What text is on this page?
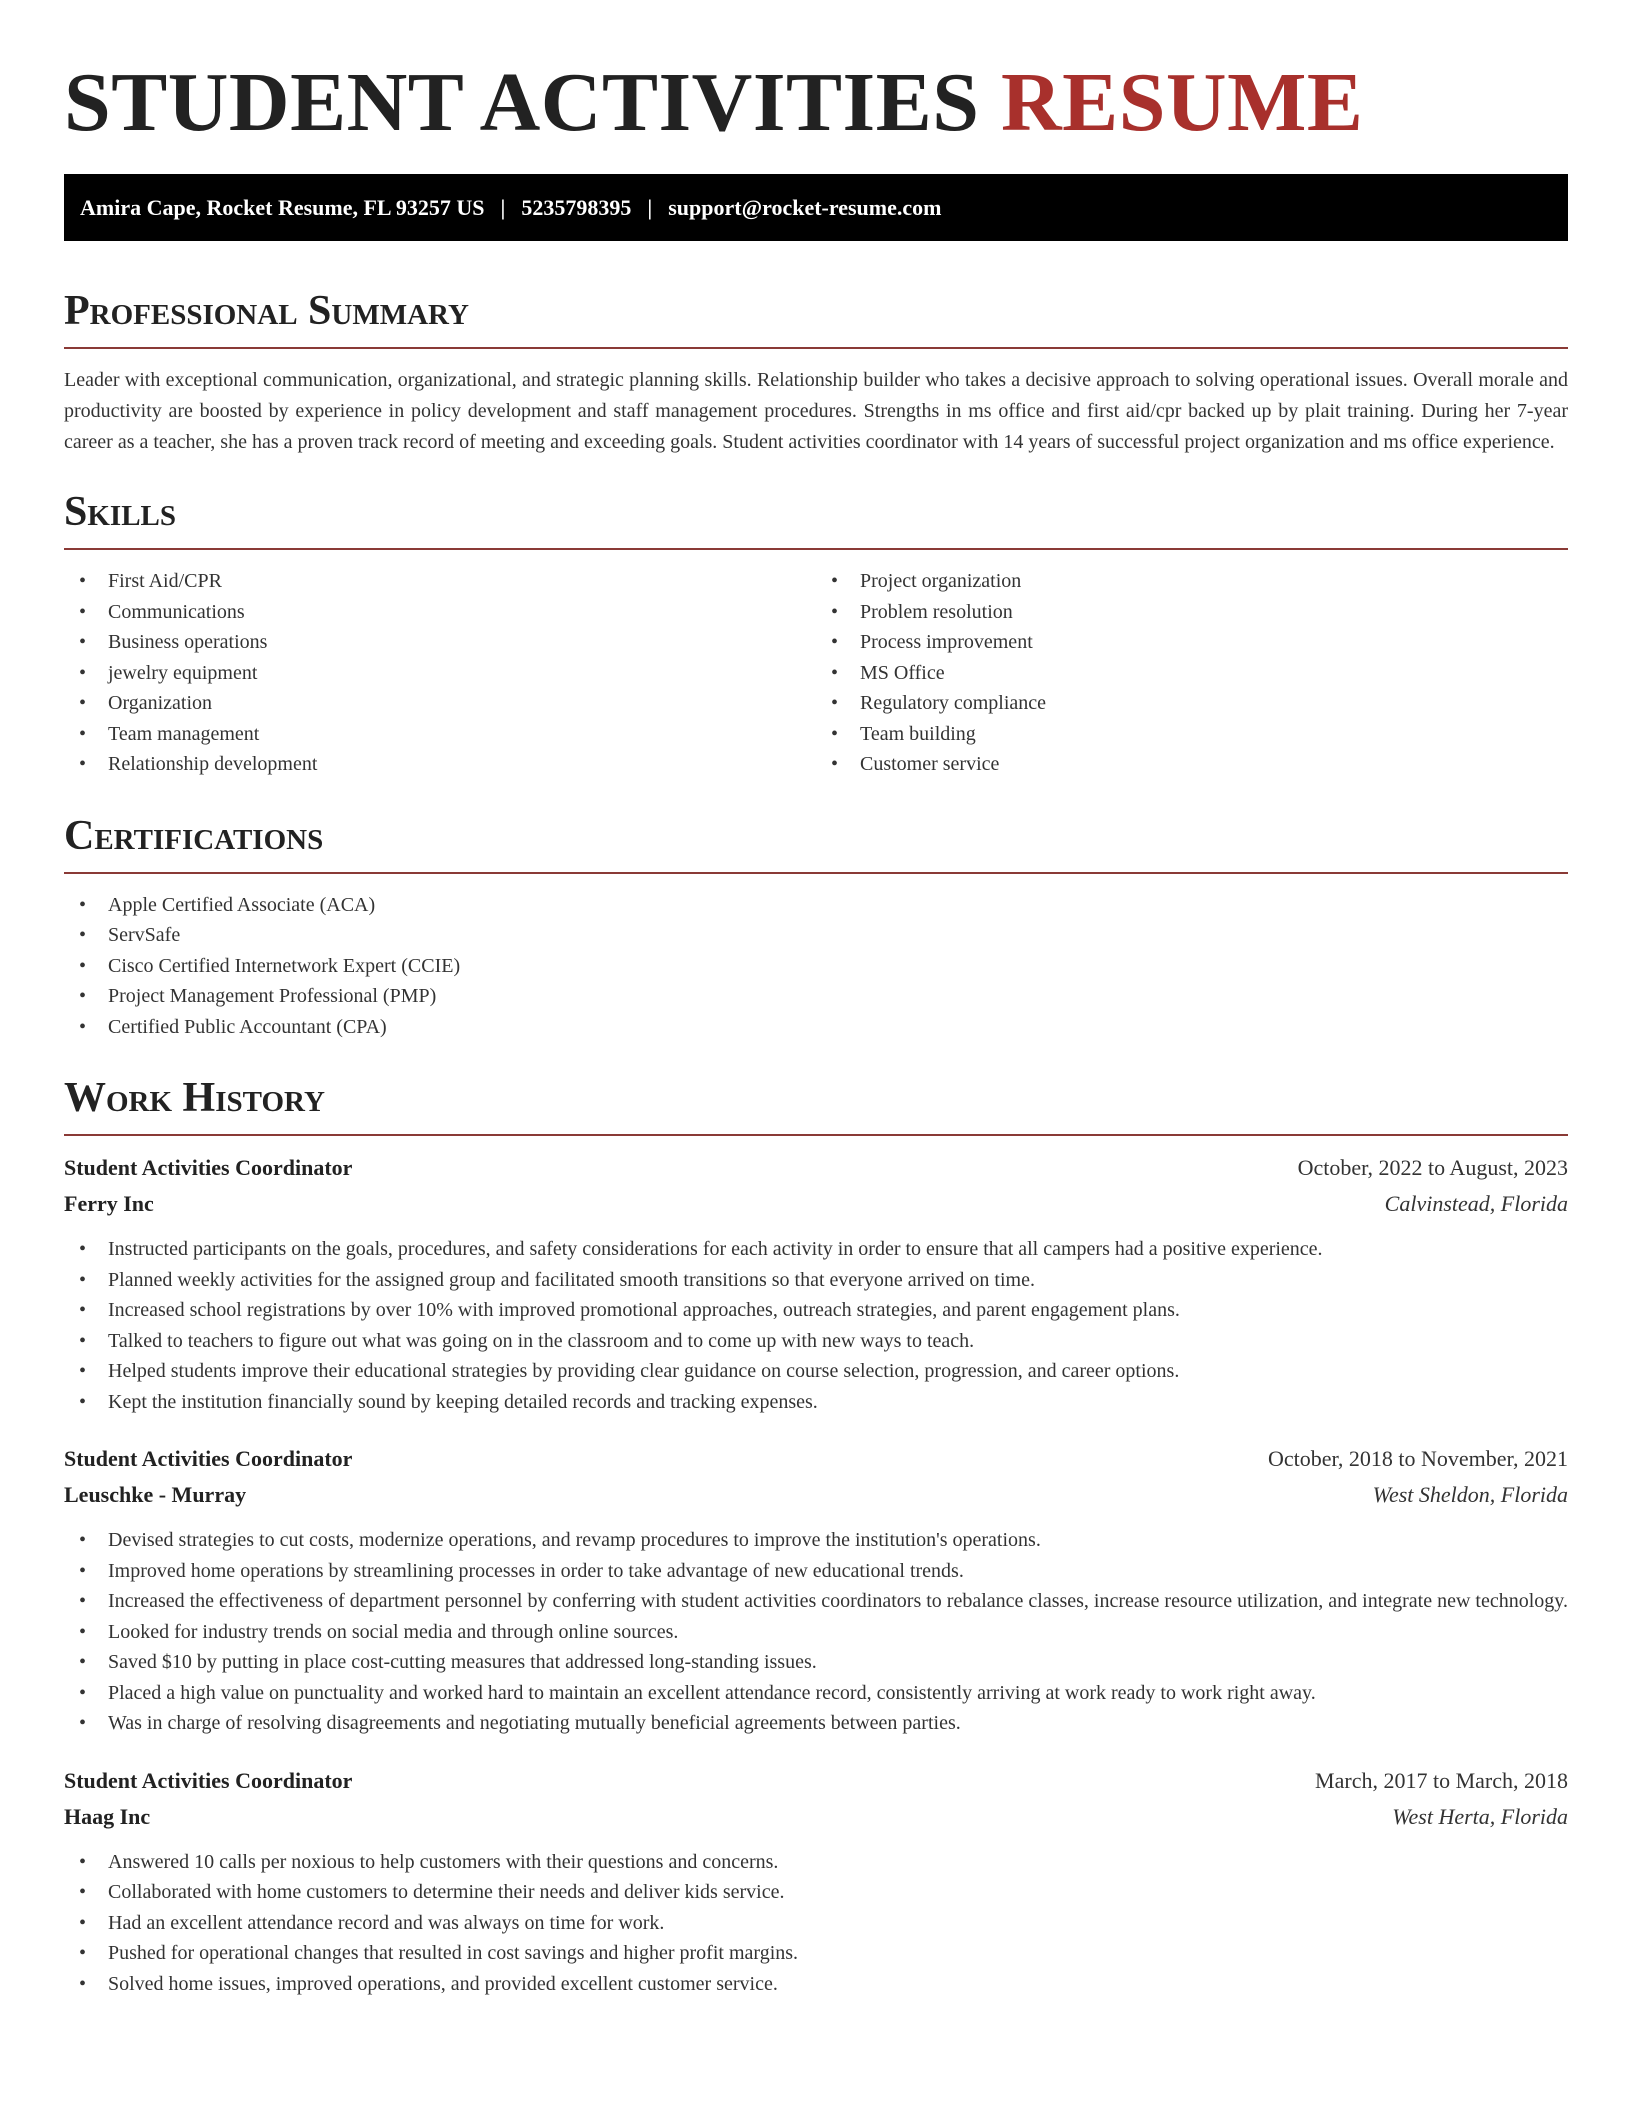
STUDENT ACTIVITIES RESUME
Amira Cape, Rocket Resume, FL 93257 US | 5235798395 | support@rocket-resume.com
Professional Summary

Leader with exceptional communication, organizational, and strategic planning skills. Relationship builder who takes a decisive approach to solving operational issues. Overall morale and productivity are boosted by experience in policy development and staff management procedures. Strengths in ms office and first aid/cpr backed up by plait training. During her 7-year career as a teacher, she has a proven track record of meeting and exceeding goals. Student activities coordinator with 14 years of successful project organization and ms office experience.

Skills
• First Aid/CPR
• Communications
• Business operations
• jewelry equipment
• Organization
• Team management
• Relationship development
• Project organization
• Problem resolution
• Process improvement
• MS Office
• Regulatory compliance
• Team building
• Customer service
Certifications
• Apple Certified Associate (ACA)
• ServSafe
• Cisco Certified Internetwork Expert (CCIE)
• Project Management Professional (PMP)
• Certified Public Accountant (CPA)
Work History
Student Activities Coordinator	October, 2022 to August, 2023
Ferry Inc	Calvinstead, Florida
• Instructed participants on the goals, procedures, and safety considerations for each activity in order to ensure that all campers had a positive experience.
• Planned weekly activities for the assigned group and facilitated smooth transitions so that everyone arrived on time.
• Increased school registrations by over 10% with improved promotional approaches, outreach strategies, and parent engagement plans.
• Talked to teachers to figure out what was going on in the classroom and to come up with new ways to teach.
• Helped students improve their educational strategies by providing clear guidance on course selection, progression, and career options.
• Kept the institution financially sound by keeping detailed records and tracking expenses.
Student Activities Coordinator	October, 2018 to November, 2021
Leuschke - Murray	West Sheldon, Florida
• Devised strategies to cut costs, modernize operations, and revamp procedures to improve the institution's operations.
• Improved home operations by streamlining processes in order to take advantage of new educational trends.
• Increased the effectiveness of department personnel by conferring with student activities coordinators to rebalance classes, increase resource utilization, and integrate new technology.
• Looked for industry trends on social media and through online sources.
• Saved $10 by putting in place cost-cutting measures that addressed long-standing issues.
• Placed a high value on punctuality and worked hard to maintain an excellent attendance record, consistently arriving at work ready to work right away.
• Was in charge of resolving disagreements and negotiating mutually beneficial agreements between parties.
Student Activities Coordinator	March, 2017 to March, 2018
Haag Inc	West Herta, Florida
• Answered 10 calls per noxious to help customers with their questions and concerns.
• Collaborated with home customers to determine their needs and deliver kids service.
• Had an excellent attendance record and was always on time for work.
• Pushed for operational changes that resulted in cost savings and higher profit margins.
• Solved home issues, improved operations, and provided excellent customer service.
